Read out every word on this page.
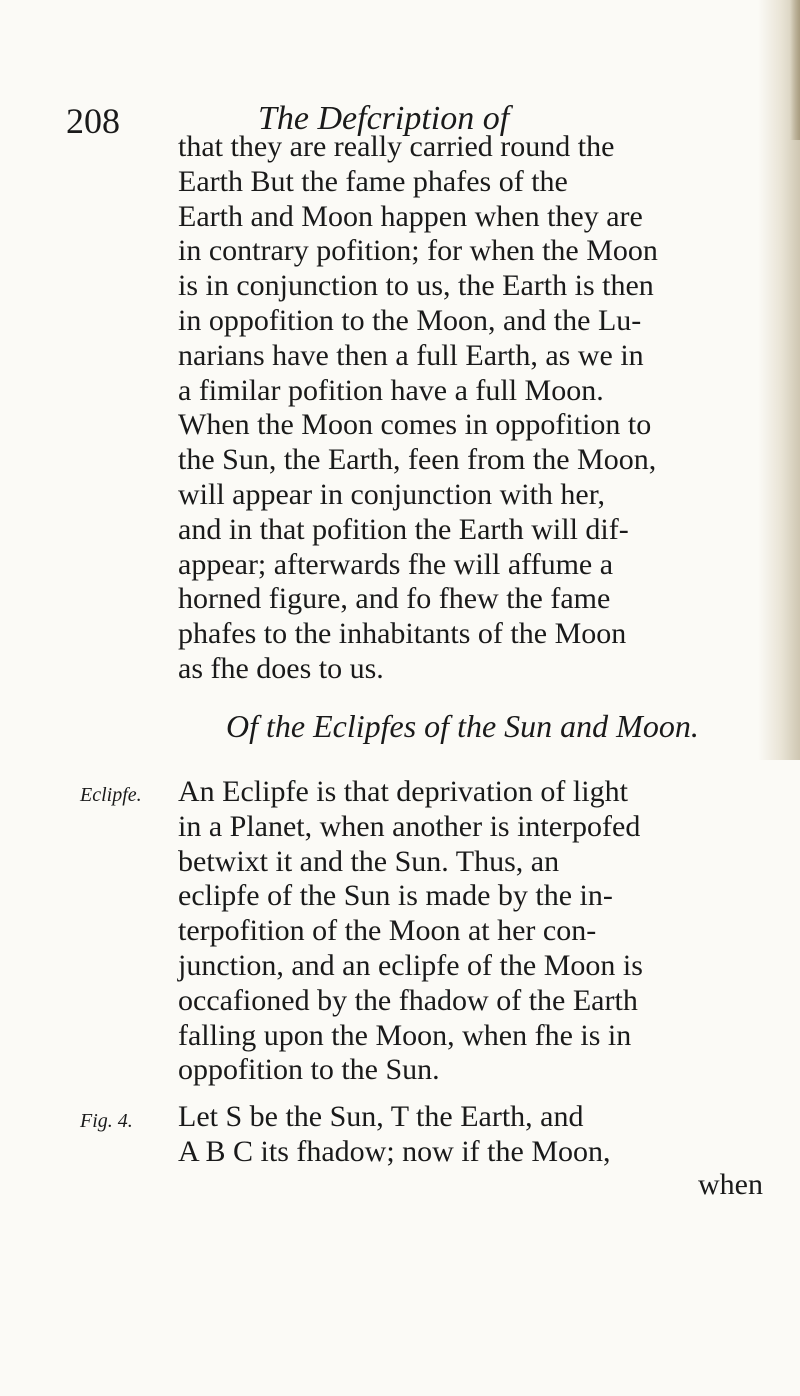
208	The Defcription of
that they are really carried round the
Earth But the fame phafes of the
Earth and Moon happen when they are
in contrary pofition; for when the Moon
is in conjunction to us, the Earth is then
in oppofition to the Moon, and the Lu-
narians have then a full Earth, as we in
a fimilar pofition have a full Moon.
When the Moon comes in oppofition to
the Sun, the Earth, feen from the Moon,
will appear in conjunction with her,
and in that pofition the Earth will dif-
appear; afterwards fhe will affume a
horned figure, and fo fhew the fame
phafes to the inhabitants of the Moon
as fhe does to us.
Of the Eclipfes of the Sun and Moon.
Eclipfe. An Eclipfe is that deprivation of light
in a Planet, when another is interpofed
betwixt it and the Sun. Thus, an
eclipfe of the Sun is made by the in-
terpofition of the Moon at her con-
junction, and an eclipfe of the Moon is
occafioned by the fhadow of the Earth
falling upon the Moon, when fhe is in
oppofition to the Sun.
Fig. 4. Let S be the Sun, T the Earth, and
A B C its fhadow; now if the Moon,
when
